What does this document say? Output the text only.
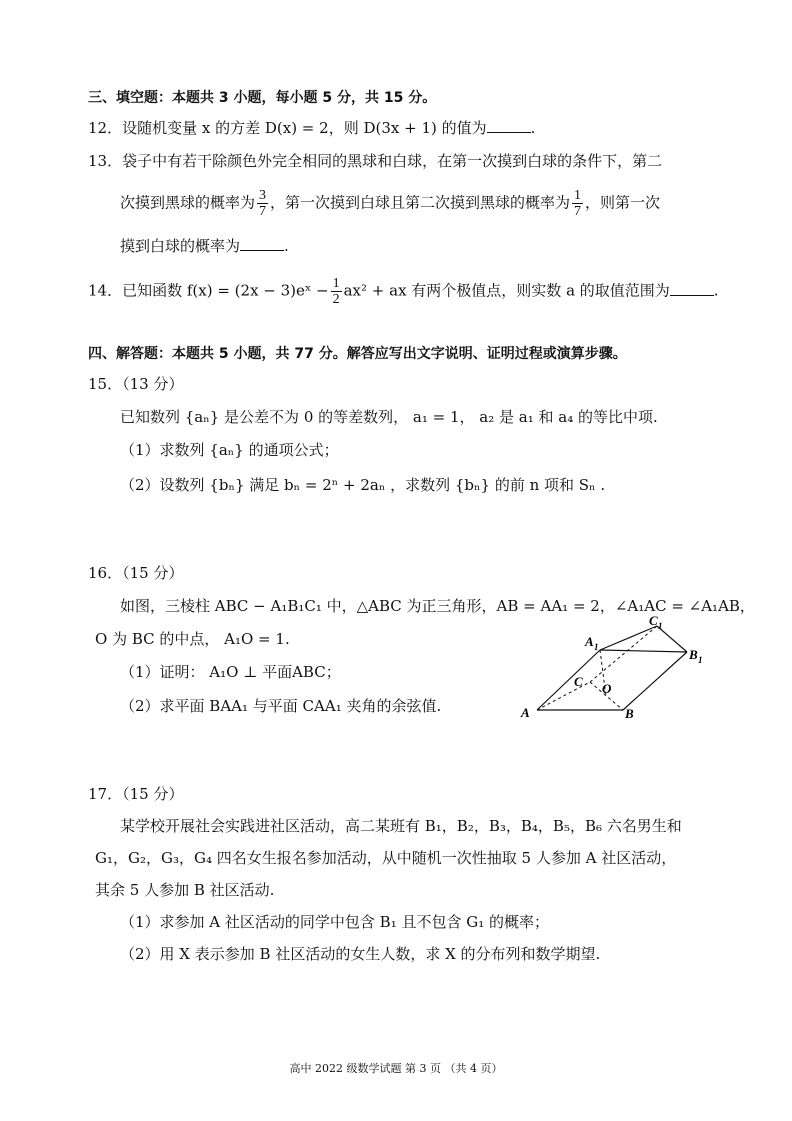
三、填空题：本题共 3 小题，每小题 5 分，共 15 分。
12．设随机变量 x 的方差 D(x) = 2，则 D(3x + 1) 的值为	.
13．袋子中有若干除颜色外完全相同的黑球和白球，在第一次摸到白球的条件下，第二
次摸到黑球的概率为 $\frac{3}{7}$ ，第一次摸到白球且第二次摸到黑球的概率为 $\frac{1}{7}$ ，则第一次
摸到白球的概率为	.
14．已知函数 f(x) = (2x − 3)eˣ − $\frac{1}{2} ax^2$ + ax 有两个极值点，则实数 a 的取值范围为	.
四、解答题：本题共 5 小题，共 77 分。解答应写出文字说明、证明过程或演算步骤。
15．（13 分）
已知数列 {aₙ} 是公差不为 0 的等差数列， a₁ = 1， a₂ 是 a₁ 和 a₄ 的等比中项.
（1）求数列 {aₙ} 的通项公式；
（2）设数列 {bₙ} 满足 bₙ = 2ⁿ + 2aₙ ，求数列 {bₙ} 的前 n 项和 Sₙ .
16．（15 分）
如图，三棱柱 ABC − A₁B₁C₁ 中，△ABC 为正三角形，AB = AA₁ = 2，∠A₁AC = ∠A₁AB，
O 为 BC 的中点， A₁O = 1.
（1）证明： A₁O ⊥ 平面ABC；
（2）求平面 BAA₁ 与平面 CAA₁ 夹角的余弦值.	A	B
C O
A 1
C 1
B 1
17．（15 分）
某学校开展社会实践进社区活动，高二某班有 B₁，B₂，B₃，B₄，B₅，B₆ 六名男生和
G₁，G₂，G₃，G₄ 四名女生报名参加活动，从中随机一次性抽取 5 人参加 A 社区活动，
其余 5 人参加 B 社区活动.
（1）求参加 A 社区活动的同学中包含 B₁ 且不包含 G₁ 的概率；
（2）用 X 表示参加 B 社区活动的女生人数，求 X 的分布列和数学期望.
高中 2022 级数学试题 第 3 页 （共 4 页）
